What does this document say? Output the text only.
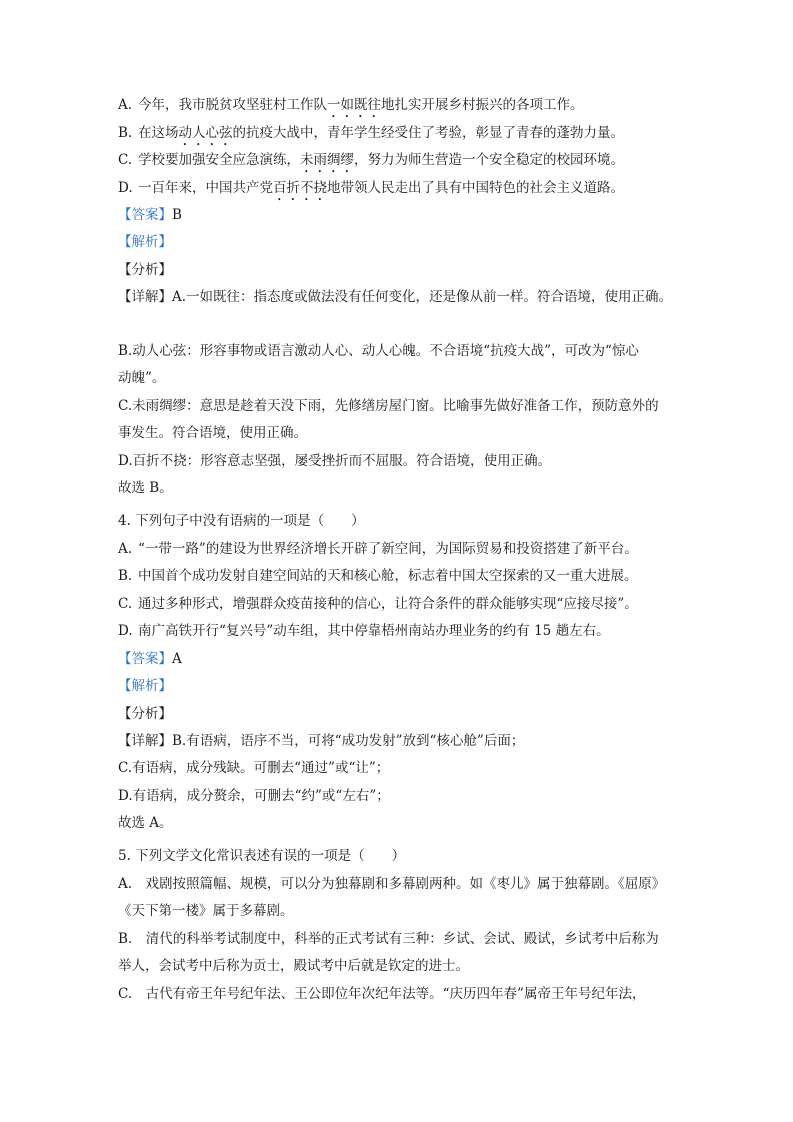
A. 今年，我市脱贫攻坚驻村工作队一如既往地扎实开展乡村振兴的各项工作。
B. 在这场动人心弦的抗疫大战中，青年学生经受住了考验，彰显了青春的蓬勃力量。
C. 学校要加强安全应急演练，未雨绸缪，努力为师生营造一个安全稳定的校园环境。
D. 一百年来，中国共产党百折不挠地带领人民走出了具有中国特色的社会主义道路。
【答案】B
【解析】
【分析】
【详解】A.一如既往：指态度或做法没有任何变化，还是像从前一样。符合语境，使用正确。
B.动人心弦：形容事物或语言激动人心、动人心魄。不合语境“抗疫大战”，可改为“惊心
动魄”。
C.未雨绸缪：意思是趁着天没下雨，先修缮房屋门窗。比喻事先做好准备工作，预防意外的
事发生。符合语境，使用正确。
D.百折不挠：形容意志坚强，屡受挫折而不屈服。符合语境，使用正确。
故选 B。
4. 下列句子中没有语病的一项是（　　）
A. “一带一路”的建设为世界经济增长开辟了新空间，为国际贸易和投资搭建了新平台。
B. 中国首个成功发射自建空间站的天和核心舱，标志着中国太空探索的又一重大进展。
C. 通过多种形式，增强群众疫苗接种的信心，让符合条件的群众能够实现“应接尽接”。
D. 南广高铁开行“复兴号”动车组，其中停靠梧州南站办理业务的约有 15 趟左右。
【答案】A
【解析】
【分析】
【详解】B.有语病，语序不当，可将“成功发射”放到“核心舱”后面；
C.有语病，成分残缺。可删去“通过”或“让”；
D.有语病，成分赘余，可删去“约”或“左右”；
故选 A。
5. 下列文学文化常识表述有误的一项是（　　）
A.　戏剧按照篇幅、规模，可以分为独幕剧和多幕剧两种。如《枣儿》属于独幕剧。《屈原》
《天下第一楼》属于多幕剧。
B.　清代的科举考试制度中，科举的正式考试有三种：乡试、会试、殿试，乡试考中后称为
举人，会试考中后称为贡士，殿试考中后就是钦定的进士。
C.　古代有帝王年号纪年法、王公即位年次纪年法等。“庆历四年春”属帝王年号纪年法，
